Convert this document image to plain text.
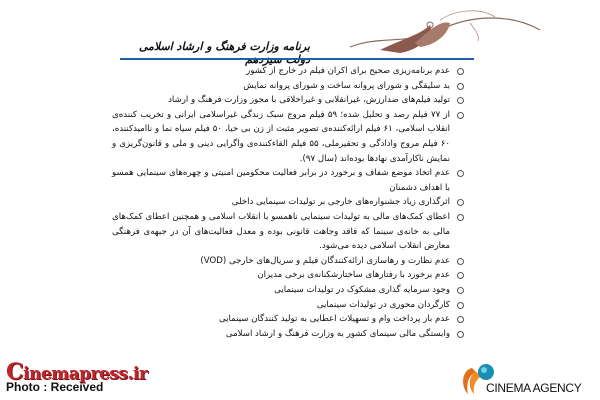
برنامه وزارت فرهنگ و ارشاد اسلامی
عدم برنامه‌ریزی صحیح برای اکران فیلم در خارج از کشور
بد سلیقگی و شورای پروانه ساخت و شورای پروانه نمایش
تولید فیلم‌های ضدارزش، غیرانقلابی و غیراخلاقی با مجوز وزارت فرهنگ و ارشاد
از ۷۷ فیلم رصد و تحلیل شده؛ ۵۹ فیلم مروج سبک زندگی غیراسلامی ایرانی و تخریب کننده‌ی انقلاب اسلامی، ۶۱ فیلم ارائه‌کننده‌ی تصویر مثبت از زن بی حیا، ۵۰ فیلم سیاه نما و ناامیدکننده، ۶۰ فیلم مروج وادادگی و تحقیرملی، ۵۵ فیلم القاءکننده‌ی واگرایی دینی و ملی و قانون‌گریزی و نمایش ناکارآمدی نهادها بوده‌اند (سال ۹۷).
عدم اتخاذ موضع شفاف و برخورد در برابر فعالیت محکومین امنیتی و چهره‌های سینمایی همسو با اهداف دشمنان
اثرگذاری زیاد جشنواره‌های خارجی بر تولیدات سینمایی داخلی
اعطای کمک‌های مالی به تولیدات سینمایی ناهمسو با انقلاب اسلامی و همچنین اعطای کمک‌های مالی به خانه‌ی سینما که فاقد وجاهت قانونی بوده و معدل فعالیت‌های آن در جبهه‌ی فرهنگی معارض انقلاب اسلامی دیده می‌شود.
عدم نظارت و رهاسازی ارائه‌کنندگان فیلم و سریال‌های خارجی (VOD)
عدم برخورد با رفتارهای ساختارشکنانه‌ی برخی مدیران
وجود سرمایه گذاری مشکوک در تولیدات سینمایی
کارگردان محوری در تولیدات سینمایی
عدم باز پرداخت وام و تسهیلات اعطایی به تولید کنندگان سینمایی
وابستگی مالی سینمای کشور به وزارت فرهنگ و ارشاد اسلامی
Cinemapress.ir
Photo : Received	CINEMA AGENCY
